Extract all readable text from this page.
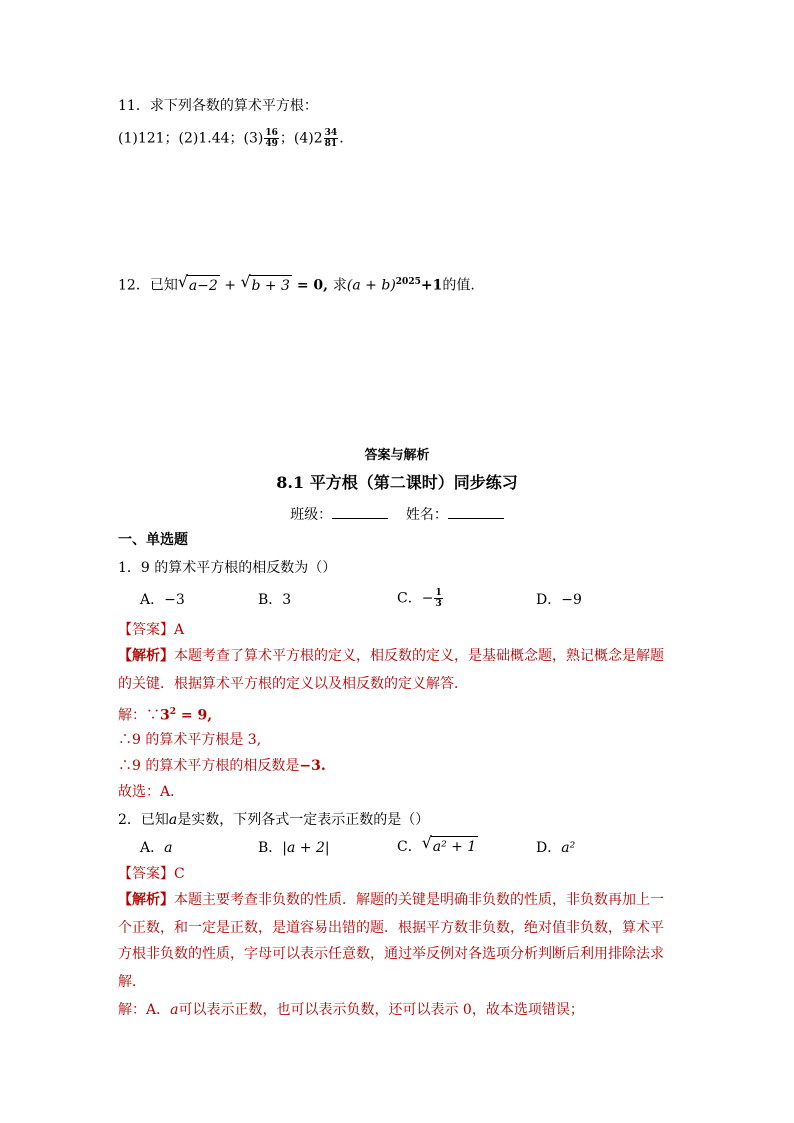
11．求下列各数的算术平方根：
(1)121；(2)1.44；$(3) \frac{16}{49}$ ；$(4)2 \frac{34}{81}$ .
12．已知 √ a−2 + √ b + 3 = 0, 求$(a + b)^{2025}+1$的值.
答案与解析
8.1 平方根（第二课时）同步练习
班级：	姓名：
一、单选题
1．9 的算术平方根的相反数为（）
A．−3	B．3	C．− $\frac{1}{3}$	D．−9
【答案】A
【解析】本题考查了算术平方根的定义，相反数的定义，是基础概念题，熟记概念是解题
的关键．根据算术平方根的定义以及相反数的定义解答．
解：$\because 3^2 = 9$,
∴9 的算术平方根是 3,
∴9 的算术平方根的相反数是−3.
故选：A．
2．已知a是实数，下列各式一定表示正数的是（）
A．a	B．|a + 2|	C． √ a² + 1	D．a²
【答案】C
【解析】本题主要考查非负数的性质．解题的关键是明确非负数的性质，非负数再加上一
个正数，和一定是正数，是道容易出错的题．根据平方数非负数，绝对值非负数，算术平
方根非负数的性质，字母可以表示任意数，通过举反例对各选项分析判断后利用排除法求
解．
解：A．a可以表示正数，也可以表示负数，还可以表示 0，故本选项错误；
